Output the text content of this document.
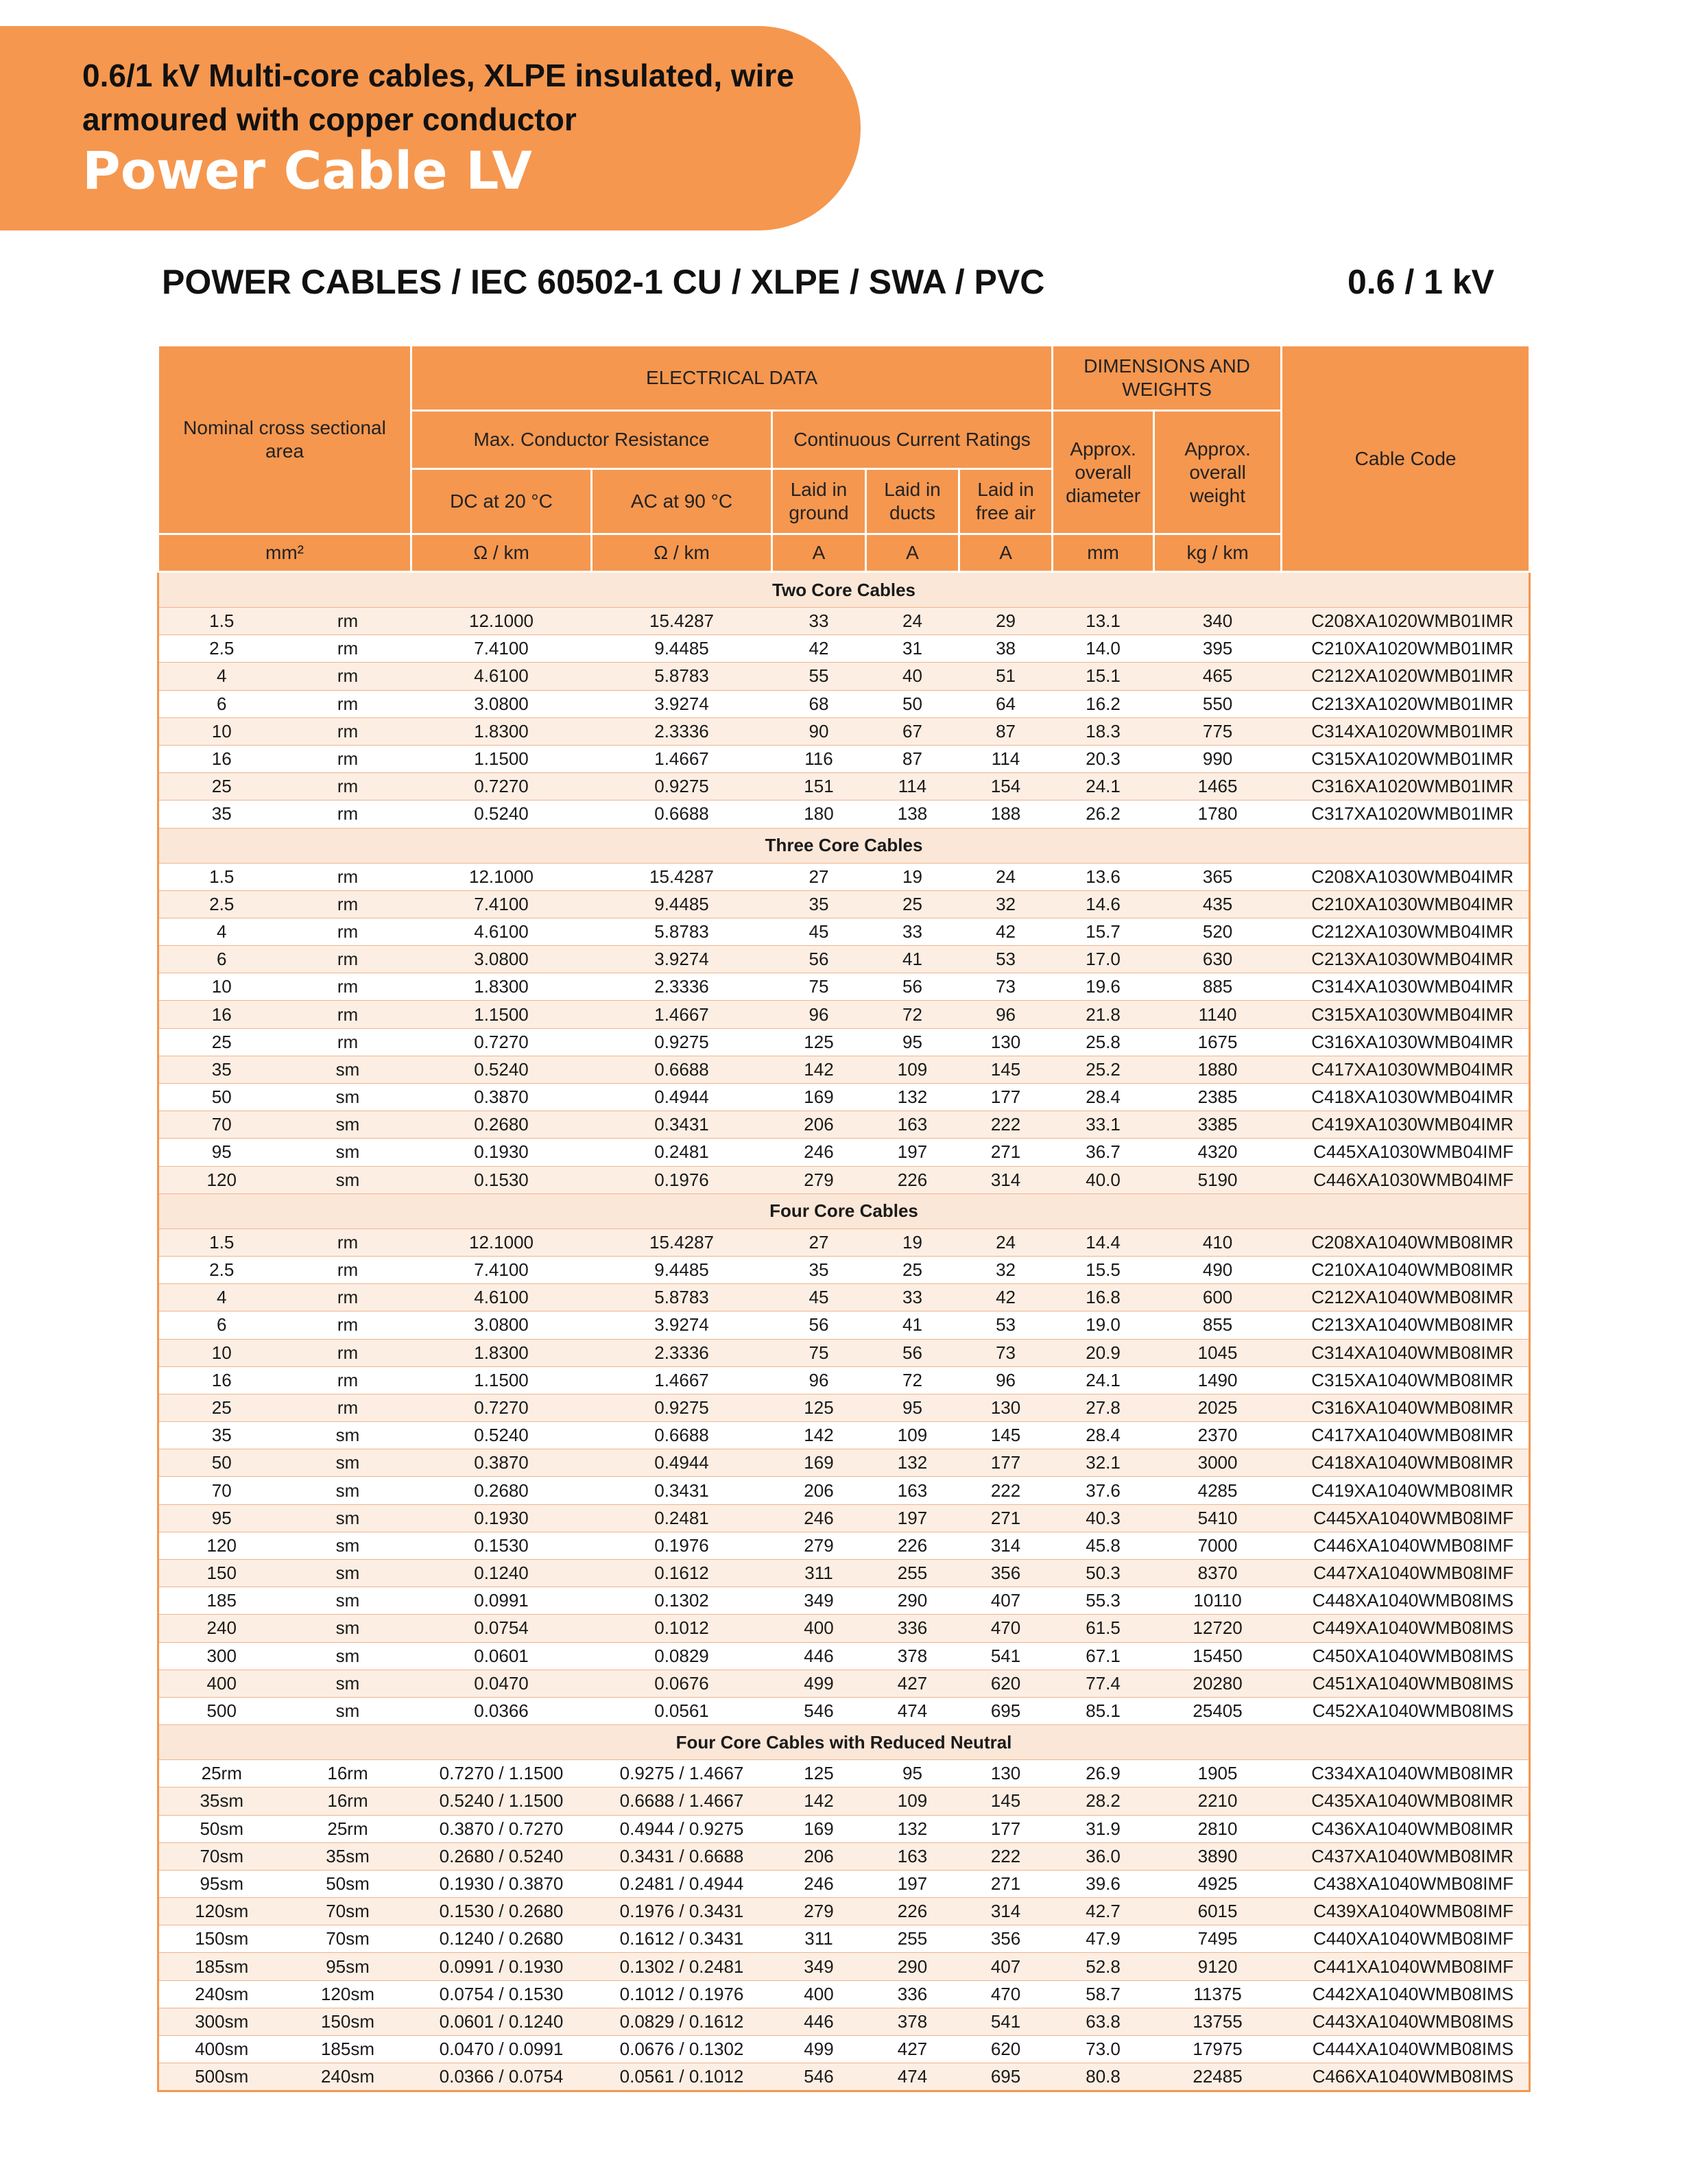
0.6/1 kV Multi-core cables, XLPE insulated, wire armoured with copper conductor
Power Cable LV
POWER CABLES / IEC 60502-1 CU / XLPE / SWA / PVC	0.6 / 1 kV
Nominal cross sectional area		ELECTRICAL DATA					DIMENSIONS AND WEIGHTS		Cable Code
		Max. Conductor Resistance		Continuous Current Ratings			Approx. overall diameter	Approx. overall weight	
		DC at 20 °C	AC at 90 °C	Laid in ground	Laid in ducts	Laid in free air			
mm²		Ω / km	Ω / km	A	A	A	mm	kg / km	
Two Core Cables									
1.5	rm	12.1000	15.4287	33	24	29	13.1	340	C208XA1020WMB01IMR
2.5	rm	7.4100	9.4485	42	31	38	14.0	395	C210XA1020WMB01IMR
4	rm	4.6100	5.8783	55	40	51	15.1	465	C212XA1020WMB01IMR
6	rm	3.0800	3.9274	68	50	64	16.2	550	C213XA1020WMB01IMR
10	rm	1.8300	2.3336	90	67	87	18.3	775	C314XA1020WMB01IMR
16	rm	1.1500	1.4667	116	87	114	20.3	990	C315XA1020WMB01IMR
25	rm	0.7270	0.9275	151	114	154	24.1	1465	C316XA1020WMB01IMR
35	rm	0.5240	0.6688	180	138	188	26.2	1780	C317XA1020WMB01IMR
Three Core Cables									
1.5	rm	12.1000	15.4287	27	19	24	13.6	365	C208XA1030WMB04IMR
2.5	rm	7.4100	9.4485	35	25	32	14.6	435	C210XA1030WMB04IMR
4	rm	4.6100	5.8783	45	33	42	15.7	520	C212XA1030WMB04IMR
6	rm	3.0800	3.9274	56	41	53	17.0	630	C213XA1030WMB04IMR
10	rm	1.8300	2.3336	75	56	73	19.6	885	C314XA1030WMB04IMR
16	rm	1.1500	1.4667	96	72	96	21.8	1140	C315XA1030WMB04IMR
25	rm	0.7270	0.9275	125	95	130	25.8	1675	C316XA1030WMB04IMR
35	sm	0.5240	0.6688	142	109	145	25.2	1880	C417XA1030WMB04IMR
50	sm	0.3870	0.4944	169	132	177	28.4	2385	C418XA1030WMB04IMR
70	sm	0.2680	0.3431	206	163	222	33.1	3385	C419XA1030WMB04IMR
95	sm	0.1930	0.2481	246	197	271	36.7	4320	C445XA1030WMB04IMF
120	sm	0.1530	0.1976	279	226	314	40.0	5190	C446XA1030WMB04IMF
Four Core Cables									
1.5	rm	12.1000	15.4287	27	19	24	14.4	410	C208XA1040WMB08IMR
2.5	rm	7.4100	9.4485	35	25	32	15.5	490	C210XA1040WMB08IMR
4	rm	4.6100	5.8783	45	33	42	16.8	600	C212XA1040WMB08IMR
6	rm	3.0800	3.9274	56	41	53	19.0	855	C213XA1040WMB08IMR
10	rm	1.8300	2.3336	75	56	73	20.9	1045	C314XA1040WMB08IMR
16	rm	1.1500	1.4667	96	72	96	24.1	1490	C315XA1040WMB08IMR
25	rm	0.7270	0.9275	125	95	130	27.8	2025	C316XA1040WMB08IMR
35	sm	0.5240	0.6688	142	109	145	28.4	2370	C417XA1040WMB08IMR
50	sm	0.3870	0.4944	169	132	177	32.1	3000	C418XA1040WMB08IMR
70	sm	0.2680	0.3431	206	163	222	37.6	4285	C419XA1040WMB08IMR
95	sm	0.1930	0.2481	246	197	271	40.3	5410	C445XA1040WMB08IMF
120	sm	0.1530	0.1976	279	226	314	45.8	7000	C446XA1040WMB08IMF
150	sm	0.1240	0.1612	311	255	356	50.3	8370	C447XA1040WMB08IMF
185	sm	0.0991	0.1302	349	290	407	55.3	10110	C448XA1040WMB08IMS
240	sm	0.0754	0.1012	400	336	470	61.5	12720	C449XA1040WMB08IMS
300	sm	0.0601	0.0829	446	378	541	67.1	15450	C450XA1040WMB08IMS
400	sm	0.0470	0.0676	499	427	620	77.4	20280	C451XA1040WMB08IMS
500	sm	0.0366	0.0561	546	474	695	85.1	25405	C452XA1040WMB08IMS
Four Core Cables with Reduced Neutral									
25rm	16rm	0.7270 / 1.1500	0.9275 / 1.4667	125	95	130	26.9	1905	C334XA1040WMB08IMR
35sm	16rm	0.5240 / 1.1500	0.6688 / 1.4667	142	109	145	28.2	2210	C435XA1040WMB08IMR
50sm	25rm	0.3870 / 0.7270	0.4944 / 0.9275	169	132	177	31.9	2810	C436XA1040WMB08IMR
70sm	35sm	0.2680 / 0.5240	0.3431 / 0.6688	206	163	222	36.0	3890	C437XA1040WMB08IMR
95sm	50sm	0.1930 / 0.3870	0.2481 / 0.4944	246	197	271	39.6	4925	C438XA1040WMB08IMF
120sm	70sm	0.1530 / 0.2680	0.1976 / 0.3431	279	226	314	42.7	6015	C439XA1040WMB08IMF
150sm	70sm	0.1240 / 0.2680	0.1612 / 0.3431	311	255	356	47.9	7495	C440XA1040WMB08IMF
185sm	95sm	0.0991 / 0.1930	0.1302 / 0.2481	349	290	407	52.8	9120	C441XA1040WMB08IMF
240sm	120sm	0.0754 / 0.1530	0.1012 / 0.1976	400	336	470	58.7	11375	C442XA1040WMB08IMS
300sm	150sm	0.0601 / 0.1240	0.0829 / 0.1612	446	378	541	63.8	13755	C443XA1040WMB08IMS
400sm	185sm	0.0470 / 0.0991	0.0676 / 0.1302	499	427	620	73.0	17975	C444XA1040WMB08IMS
500sm	240sm	0.0366 / 0.0754	0.0561 / 0.1012	546	474	695	80.8	22485	C466XA1040WMB08IMS
